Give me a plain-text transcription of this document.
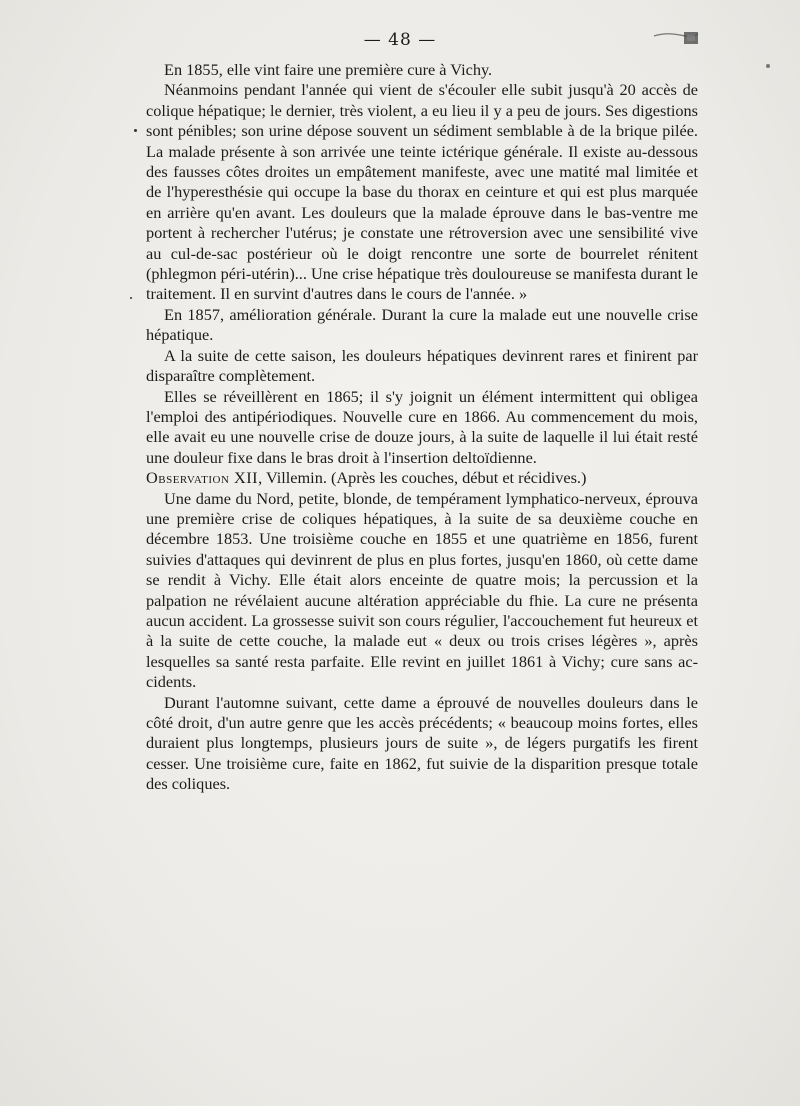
— 48 —

En 1855, elle vint faire une première cure à Vichy.

Néanmoins pendant l'année qui vient de s'écouler elle subit jusqu'à 20 accès de colique hépatique; le dernier, très violent, a eu lieu il y a peu de jours. Ses digestions sont pénibles; son urine dépose souvent un sédiment semblable à de la brique pilée. La malade présente à son arrivée une teinte ictérique générale. Il existe au-dessous des fausses côtes droites un empâtement manifeste, avec une matité mal limitée et de l'hyperesthésie qui occupe la base du thorax en ceinture et qui est plus marquée en arrière qu'en avant. Les douleurs que la malade éprouve dans le bas-ventre me portent à rechercher l'utérus; je constate une rétroversion avec une sensibilité vive au cul-de-sac postérieur où le doigt rencontre une sorte de bourrelet rénitent (phlegmon péri-utérin)... Une crise hépatique très douloureuse se manifesta durant le traitement. Il en survint d'autres dans le cours de l'année. »

En 1857, amélioration générale. Durant la cure la malade eut une nouvelle crise hépatique.

A la suite de cette saison, les douleurs hépatiques devinrent rares et finirent par disparaître complètement.

Elles se réveillèrent en 1865; il s'y joignit un élément intermittent qui obligea l'emploi des antipériodiques. Nouvelle cure en 1866. Au commencement du mois, elle avait eu une nouvelle crise de douze jours, à la suite de laquelle il lui était resté une douleur fixe dans le bras droit à l'insertion deltoïdienne.

Observation XII, Villemin. (Après les couches, début et récidives.)

Une dame du Nord, petite, blonde, de tempérament lymphatico-nerveux, éprouva une première crise de coliques hépatiques, à la suite de sa deuxième couche en décembre 1853. Une troisième couche en 1855 et une quatrième en 1856, furent suivies d'attaques qui devinrent de plus en plus fortes, jusqu'en 1860, où cette dame se rendit à Vichy. Elle était alors enceinte de quatre mois; la percussion et la palpation ne révélaient aucune altération appréciable du fhie. La cure ne présenta aucun accident. La grossesse suivit son cours régulier, l'accouchement fut heureux et à la suite de cette couche, la malade eut « deux ou trois crises légères », après lesquelles sa santé resta parfaite. Elle revint en juillet 1861 à Vichy; cure sans accidents.

Durant l'automne suivant, cette dame a éprouvé de nouvelles douleurs dans le côté droit, d'un autre genre que les accès précédents; « beaucoup moins fortes, elles duraient plus longtemps, plusieurs jours de suite », de légers purgatifs les firent cesser. Une troisième cure, faite en 1862, fut suivie de la disparition presque totale des coliques.
